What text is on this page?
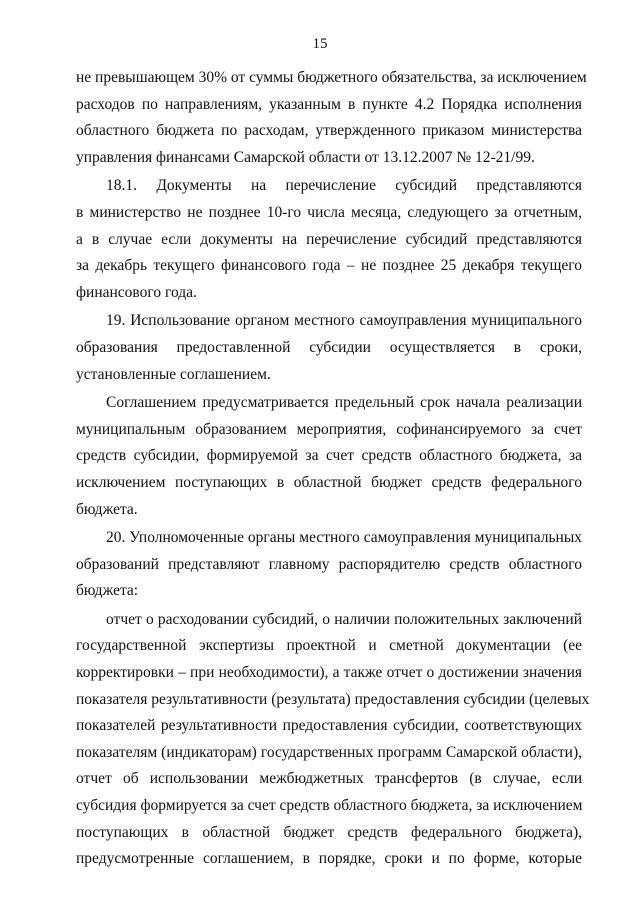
15
не превышающем 30% от суммы бюджетного обязательства, за исключением
расходов по направлениям, указанным в пункте 4.2 Порядка исполнения
областного бюджета по расходам, утвержденного приказом министерства
управления финансами Самарской области от 13.12.2007 № 12-21/99.
18.1. Документы на перечисление субсидий представляются
в министерство не позднее 10-го числа месяца, следующего за отчетным,
а в случае если документы на перечисление субсидий представляются
за декабрь текущего финансового года – не позднее 25 декабря текущего
финансового года.
19. Использование органом местного самоуправления муниципального
образования предоставленной субсидии осуществляется в сроки,
установленные соглашением.
Соглашением предусматривается предельный срок начала реализации
муниципальным образованием мероприятия, софинансируемого за счет
средств субсидии, формируемой за счет средств областного бюджета, за
исключением поступающих в областной бюджет средств федерального
бюджета.
20. Уполномоченные органы местного самоуправления муниципальных
образований представляют главному распорядителю средств областного
бюджета:
отчет о расходовании субсидий, о наличии положительных заключений
государственной экспертизы проектной и сметной документации (ее
корректировки – при необходимости), а также отчет о достижении значения
показателя результативности (результата) предоставления субсидии (целевых
показателей результативности предоставления субсидии, соответствующих
показателям (индикаторам) государственных программ Самарской области),
отчет об использовании межбюджетных трансфертов (в случае, если
субсидия формируется за счет средств областного бюджета, за исключением
поступающих в областной бюджет средств федерального бюджета),
предусмотренные соглашением, в порядке, сроки и по форме, которые
